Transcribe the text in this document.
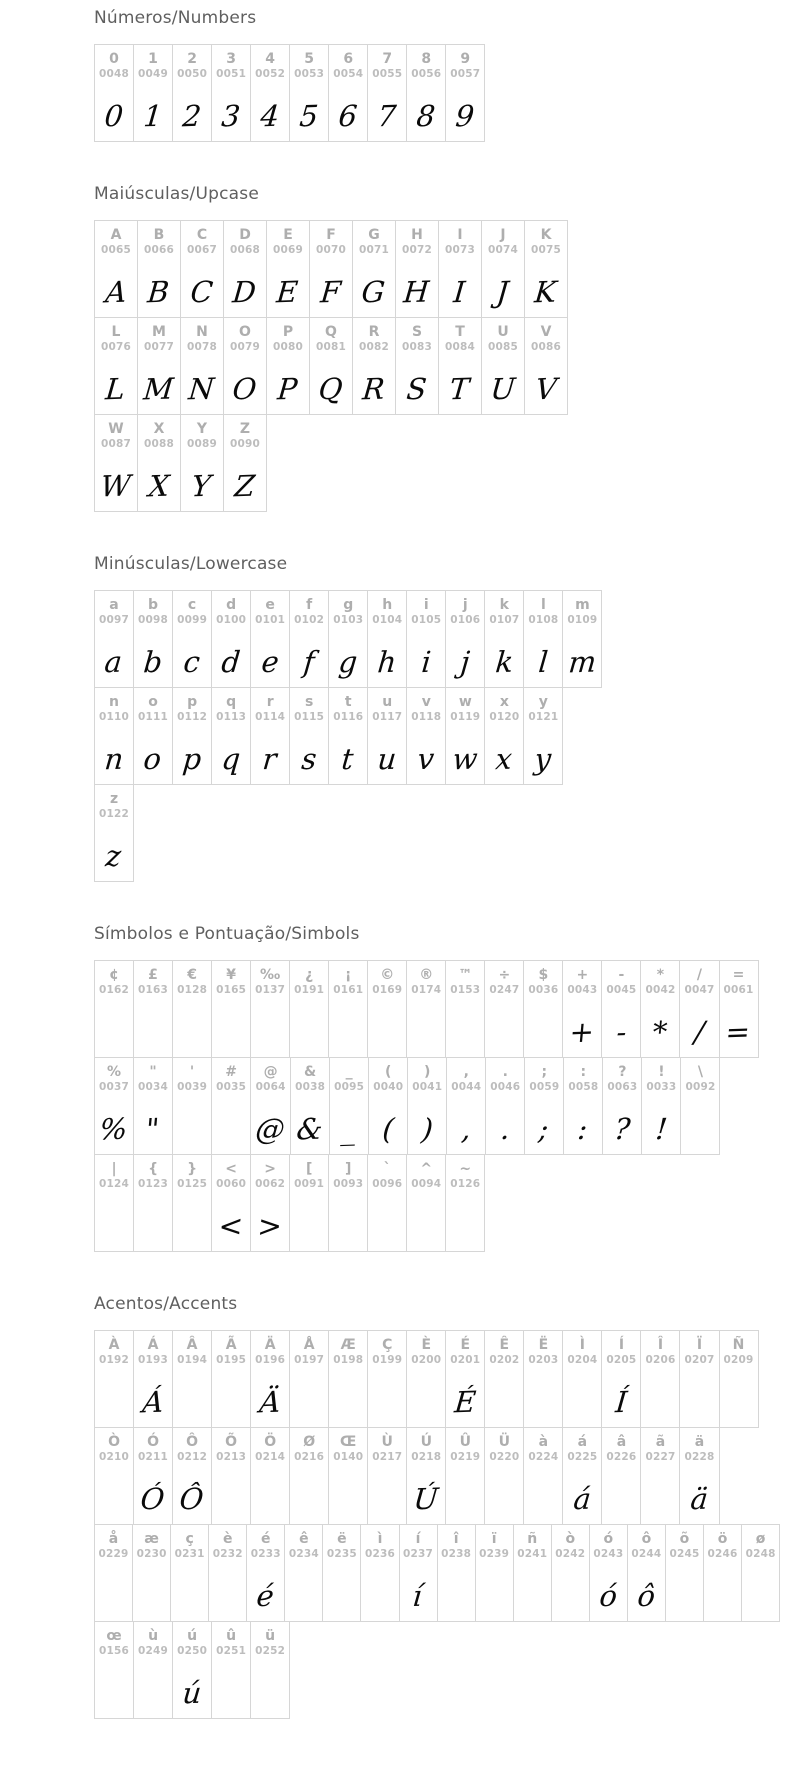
Números/Numbers
0
0048
0
1
0049
1
2
0050
2
3
0051
3
4
0052
4
5
0053
5
6
0054
6
7
0055
7
8
0056
8
9
0057
9
Maiúsculas/Upcase
A
0065
A
B
0066
B
C
0067
C
D
0068
D
E
0069
E
F
0070
F
G
0071
G
H
0072
H
I
0073
I
J
0074
J
K
0075
K
L
0076
L
M
0077
M
N
0078
N
O
0079
O
P
0080
P
Q
0081
Q
R
0082
R
S
0083
S
T
0084
T
U
0085
U
V
0086
V
W
0087
W
X
0088
X
Y
0089
Y
Z
0090
Z
Minúsculas/Lowercase
a
0097
a
b
0098
b
c
0099
c
d
0100
d
e
0101
e
f
0102
f
g
0103
g
h
0104
h
i
0105
i
j
0106
j
k
0107
k
l
0108
l
m
0109
m
n
0110
n
o
0111
o
p
0112
p
q
0113
q
r
0114
r
s
0115
s
t
0116
t
u
0117
u
v
0118
v
w
0119
w
x
0120
x
y
0121
y
z
0122
z
Símbolos e Pontuação/Simbols
¢
0162
£
0163
€
0128
¥
0165
‰
0137
¿
0191
¡
0161
©
0169
®
0174
™
0153
÷
0247
$
0036
+
0043
+
-
0045
-
*
0042
*
/
0047
/
=
0061
=
%
0037
%
"
0034
"
'
0039
#
0035
@
0064
@
&
0038
&
_
0095
_
(
0040
(
)
0041
)
,
0044
,
.
0046
.
;
0059
;
:
0058
:
?
0063
?
!
0033
!
\
0092
|
0124
{
0123
}
0125
<
0060
<
>
0062
>
[
0091
]
0093
`
0096
^
0094
~
0126
Acentos/Accents
À
0192
Á
0193
Á
Â
0194
Ã
0195
Ä
0196
Ä
Å
0197
Æ
0198
Ç
0199
È
0200
É
0201
É
Ê
0202
Ë
0203
Ì
0204
Í
0205
Í
Î
0206
Ï
0207
Ñ
0209
Ò
0210
Ó
0211
Ó
Ô
0212
Ô
Õ
0213
Ö
0214
Ø
0216
Œ
0140
Ù
0217
Ú
0218
Ú
Û
0219
Ü
0220
à
0224
á
0225
á
â
0226
ã
0227
ä
0228
ä
å
0229
æ
0230
ç
0231
è
0232
é
0233
é
ê
0234
ë
0235
ì
0236
í
0237
í
î
0238
ï
0239
ñ
0241
ò
0242
ó
0243
ó
ô
0244
ô
õ
0245
ö
0246
ø
0248
œ
0156
ù
0249
ú
0250
ú
û
0251
ü
0252
